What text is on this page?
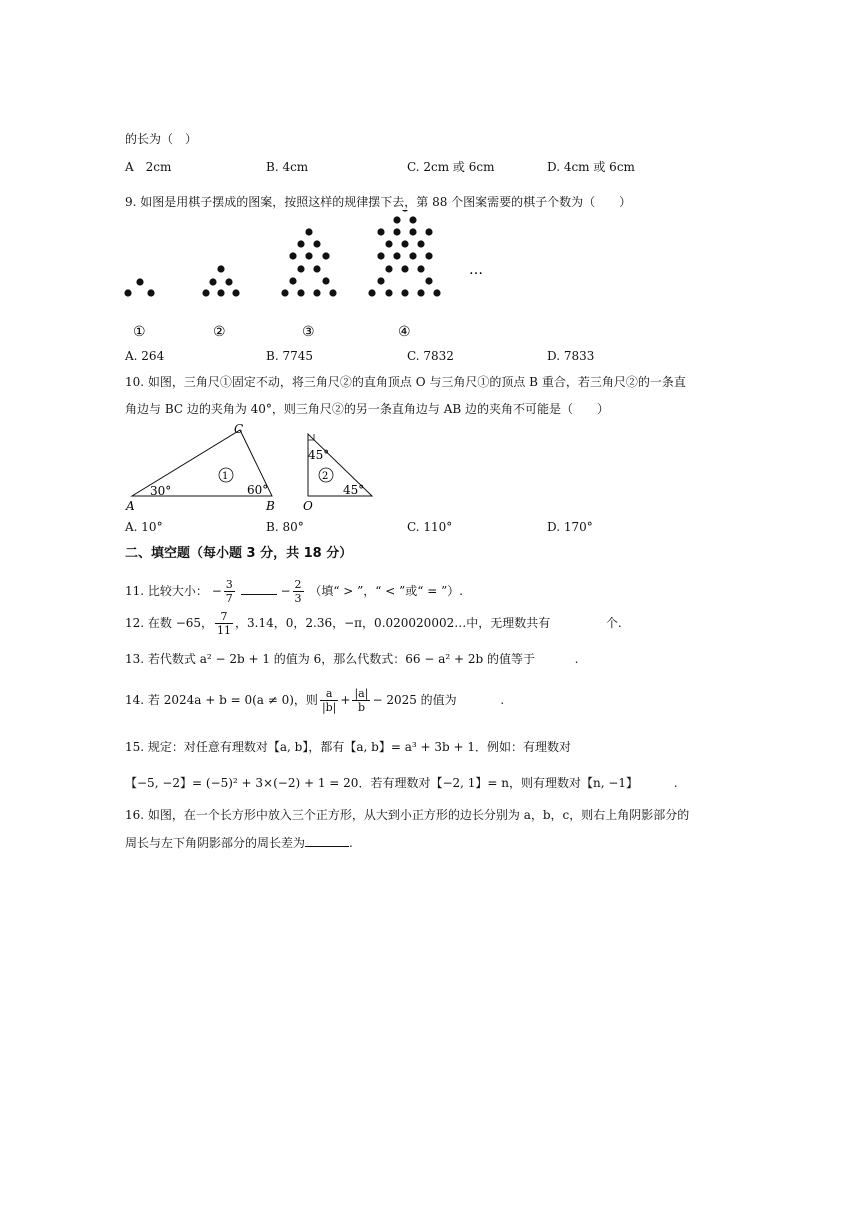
的长为（　）
A　2cm	B. 4cm	C. 2cm 或 6cm	D. 4cm 或 6cm
9. 如图是用棋子摆成的图案，按照这样的规律摆下去，第 88 个图案需要的棋子个数为（　　）
…
①	②	③	④
A. 264	B. 7745	C. 7832	D. 7833
10. 如图，三角尺①固定不动，将三角尺②的直角顶点 O 与三角尺①的顶点 B 重合，若三角尺②的一条直
角边与 BC 边的夹角为 40°，则三角尺②的另一条直角边与 AB 边的夹角不可能是（　　）
C
A	B
30°	60°
1
45°
45°
2
O
A. 10°	B. 80°	C. 110°	D. 170°
二、填空题（每小题 3 分，共 18 分）
11. 比较大小： − $\frac{3}{7}$	− $\frac{2}{3}$ （填“ > ”，“ < ”或“ = ”）.
12. 在数 −65， $\frac{7}{11}$ ，3.14，0，2.36，−π，0.020020002…中，无理数共有	个.
13. 若代数式 a² − 2b + 1 的值为 6，那么代数式：66 − a² + 2b 的值等于	.
14. 若 2024a + b = 0(a ≠ 0)，则 $\frac{a}{|b|} + \frac{|a|}{b} - 2025$ 的值为	.
15. 规定：对任意有理数对【a, b】，都有【a, b】= a³ + 3b + 1．例如：有理数对
【−5, −2】= (−5)² + 3×(−2) + 1 = 20．若有理数对【−2, 1】= n，则有理数对【n, −1】	.
16. 如图，在一个长方形中放入三个正方形，从大到小正方形的边长分别为 a，b，c，则右上角阴影部分的
周长与左下角阴影部分的周长差为	.
